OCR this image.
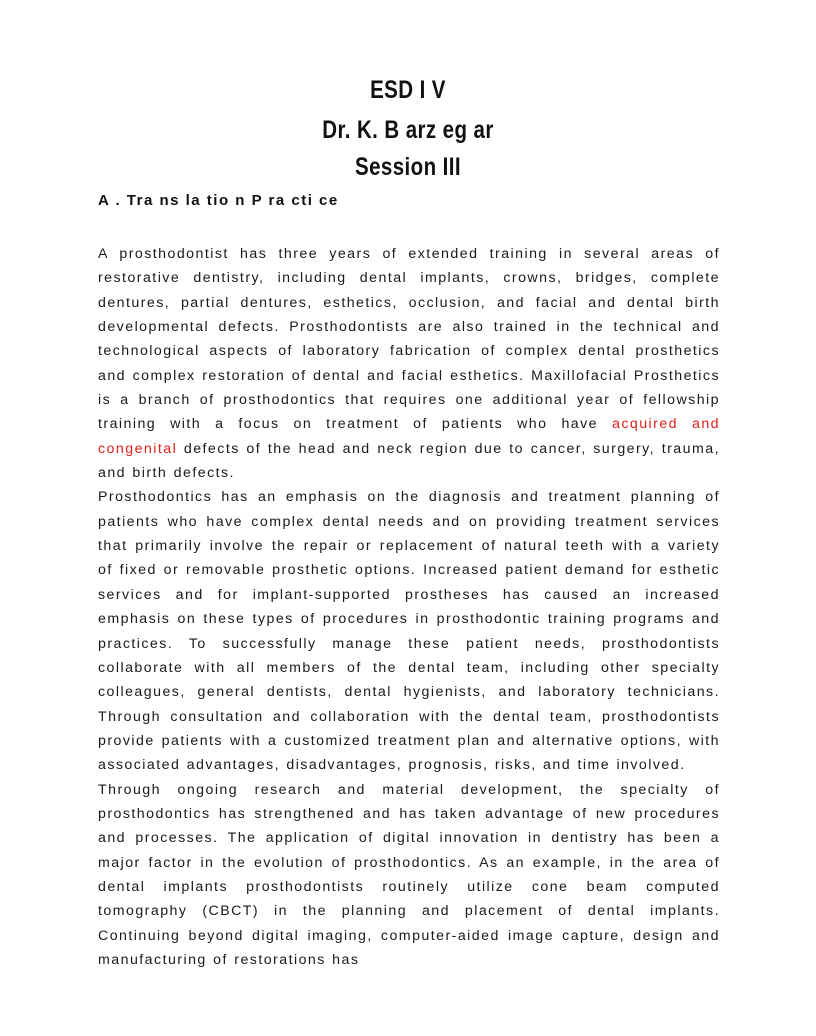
ESD I V
Dr. K. B arz eg ar
Session III
A . Tra ns la tio n P ra cti ce

A prosthodontist has three years of extended training in several areas of restorative dentistry, including dental implants, crowns, bridges, complete dentures, partial dentures, esthetics, occlusion, and facial and dental birth developmental defects. Prosthodontists are also trained in the technical and technological aspects of laboratory fabrication of complex dental prosthetics and complex restoration of dental and facial esthetics. Maxillofacial Prosthetics is a branch of prosthodontics that requires one additional year of fellowship training with a focus on treatment of patients who have acquired and congenital defects of the head and neck region due to cancer, surgery, trauma, and birth defects.

Prosthodontics has an emphasis on the diagnosis and treatment planning of patients who have complex dental needs and on providing treatment services that primarily involve the repair or replacement of natural teeth with a variety of fixed or removable prosthetic options. Increased patient demand for esthetic services and for implant-supported prostheses has caused an increased emphasis on these types of procedures in prosthodontic training programs and practices. To successfully manage these patient needs, prosthodontists collaborate with all members of the dental team, including other specialty colleagues, general dentists, dental hygienists, and laboratory technicians. Through consultation and collaboration with the dental team, prosthodontists provide patients with a customized treatment plan and alternative options, with associated advantages, disadvantages, prognosis, risks, and time involved.

Through ongoing research and material development, the specialty of prosthodontics has strengthened and has taken advantage of new procedures and processes. The application of digital innovation in dentistry has been a major factor in the evolution of prosthodontics. As an example, in the area of dental implants prosthodontists routinely utilize cone beam computed tomography (CBCT) in the planning and placement of dental implants. Continuing beyond digital imaging, computer-aided image capture, design and manufacturing of restorations has
